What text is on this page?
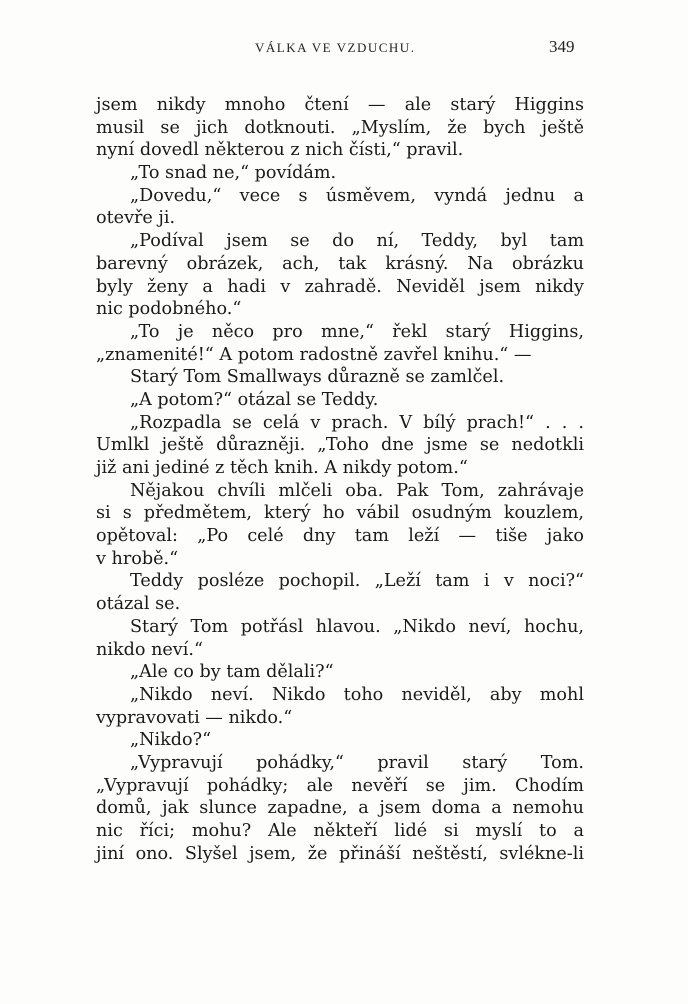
VÁLKA VE VZDUCHU.	349
jsem nikdy mnoho čtení — ale starý Higgins
musil se jich dotknouti. „Myslím, že bych ještě
nyní dovedl některou z nich čísti,“ pravil.
„To snad ne,“ povídám.
„Dovedu,“ vece s úsměvem, vyndá jednu a
otevře ji.
„Podíval jsem se do ní, Teddy, byl tam
barevný obrázek, ach, tak krásný. Na obrázku
byly ženy a hadi v zahradě. Neviděl jsem nikdy
nic podobného.“
„To je něco pro mne,“ řekl starý Higgins,
„znamenité!“ A potom radostně zavřel knihu.“ —
Starý Tom Smallways důrazně se zamlčel.
„A potom?“ otázal se Teddy.
„Rozpadla se celá v prach. V bílý prach!“ . . .
Umlkl ještě důrazněji. „Toho dne jsme se nedotkli
již ani jediné z těch knih. A nikdy potom.“
Nějakou chvíli mlčeli oba. Pak Tom, zahrávaje
si s předmětem, který ho vábil osudným kouzlem,
opětoval: „Po celé dny tam leží — tiše jako
v hrobě.“
Teddy posléze pochopil. „Leží tam i v noci?“
otázal se.
Starý Tom potřásl hlavou. „Nikdo neví, hochu,
nikdo neví.“
„Ale co by tam dělali?“
„Nikdo neví. Nikdo toho neviděl, aby mohl
vypravovati — nikdo.“
„Nikdo?“
„Vypravují pohádky,“ pravil starý Tom.
„Vypravují pohádky; ale nevěří se jim. Chodím
domů, jak slunce zapadne, a jsem doma a nemohu
nic říci; mohu? Ale někteří lidé si myslí to a
jiní ono. Slyšel jsem, že přináší neštěstí, svlékne-li
